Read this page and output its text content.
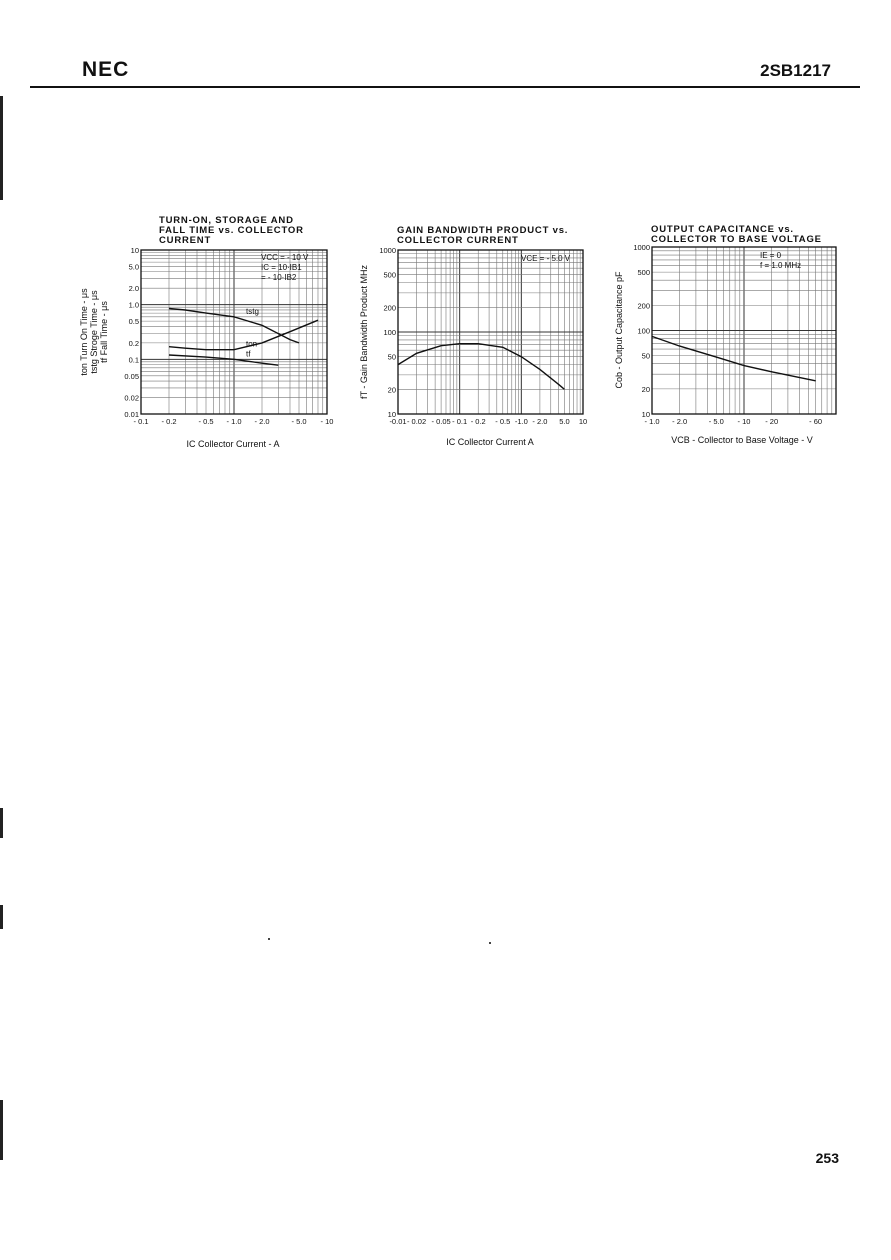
NEC	2SB1217
TURN-ON, STORAGE AND
FALL TIME vs. COLLECTOR
CURRENT
- 0.1 - 0.2	- 0.5 - 1.0 - 2.0	- 5.0 - 10
0.01
0.02
0.05
0.1
0.2
0.5
1.0
2.0
5.0
10
IC Collector Current - A
ton Turn On Time - μs tstg Stroge Time - μs tf Fall Time - μs
VCC = - 10 V
IC = 10·IB1
= - 10·IB2
tstg
ton
tf
GAIN BANDWIDTH PRODUCT vs.
COLLECTOR CURRENT
-0.01 - 0.02 - 0.05 - 0.1 - 0.2 - 0.5 -1.0 - 2.0 5.0 10
10
20
50
100
200
500
1000
IC Collector Current A
fT - Gain Bandwidth Product MHz
VCE = - 5.0 V
OUTPUT CAPACITANCE vs.
COLLECTOR TO BASE VOLTAGE
- 1.0 - 2.0	- 5.0 - 10 - 20	- 60
10
20
50
100
200
500
1000
VCB - Collector to Base Voltage - V
Cob - Output Capacitance pF
IE = 0
f = 1.0 MHz
253
